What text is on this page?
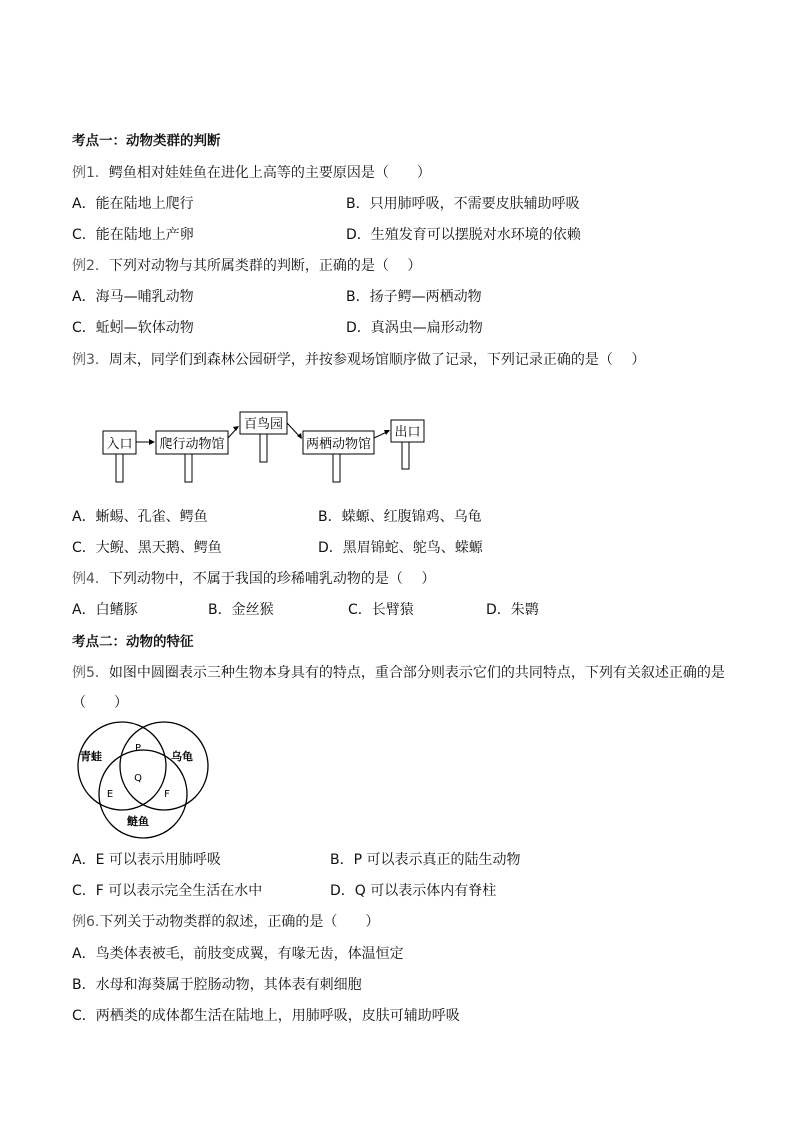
考点一：动物类群的判断
例1．鳄鱼相对娃娃鱼在进化上高等的主要原因是（　　）
A．能在陆地上爬行	B．只用肺呼吸，不需要皮肤辅助呼吸
C．能在陆地上产卵	D．生殖发育可以摆脱对水环境的依赖
例2．下列对动物与其所属类群的判断，正确的是（　 ）
A．海马—哺乳动物	B．扬子鳄—两栖动物
C．蚯蚓—软体动物	D．真涡虫—扁形动物
例3．周末，同学们到森林公园研学，并按参观场馆顺序做了记录，下列记录正确的是（　 ）
入口 爬行动物馆
百鸟园
两栖动物馆
出口
A．蜥蜴、孔雀、鳄鱼	B．蝾螈、红腹锦鸡、乌龟
C．大鲵、黑天鹅、鳄鱼	D．黑眉锦蛇、鸵鸟、蝾螈
例4．下列动物中，不属于我国的珍稀哺乳动物的是（　 ）
A．白鳍豚	B．金丝猴	C．长臂猿	D．朱鹮
考点二：动物的特征
例5．如图中圆圈表示三种生物本身具有的特点，重合部分则表示它们的共同特点，下列有关叙述正确的是
（　　）
青蛙	乌龟
鲢鱼
P
Q
E	F
A．E 可以表示用肺呼吸	B．P 可以表示真正的陆生动物
C．F 可以表示完全生活在水中	D．Q 可以表示体内有脊柱
例6.下列关于动物类群的叙述，正确的是（　　）
A．鸟类体表被毛，前肢变成翼，有喙无齿，体温恒定
B．水母和海葵属于腔肠动物，其体表有刺细胞
C．两栖类的成体都生活在陆地上，用肺呼吸，皮肤可辅助呼吸
